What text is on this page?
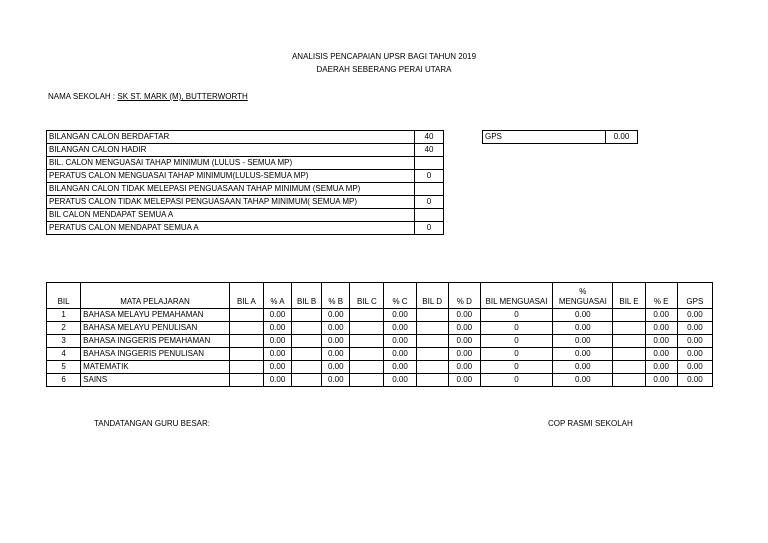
ANALISIS PENCAPAIAN UPSR BAGI TAHUN 2019
DAERAH SEBERANG PERAI UTARA
NAMA SEKOLAH : SK ST. MARK (M), BUTTERWORTH
BILANGAN CALON BERDAFTAR	40
BILANGAN CALON HADIR	40
BIL. CALON MENGUASAI TAHAP MINIMUM (LULUS - SEMUA MP)	
PERATUS CALON MENGUASAI TAHAP MINIMUM(LULUS-SEMUA MP)	0
BILANGAN CALON TIDAK MELEPASI PENGUASAAN TAHAP MINIMUM (SEMUA MP)	
PERATUS CALON TIDAK MELEPASI PENGUASAAN TAHAP MINIMUM( SEMUA MP)	0
BIL CALON MENDAPAT SEMUA A	
PERATUS CALON MENDAPAT SEMUA A	0
GPS	0.00
BIL	MATA PELAJARAN	BIL A	% A	BIL B	% B	BIL C	% C	BIL D	% D	BIL MENGUASAI	% MENGUASAI	BIL E	% E	GPS
1	BAHASA MELAYU PEMAHAMAN		0.00		0.00		0.00		0.00	0	0.00		0.00	0.00
2	BAHASA MELAYU PENULISAN		0.00		0.00		0.00		0.00	0	0.00		0.00	0.00
3	BAHASA INGGERIS PEMAHAMAN		0.00		0.00		0.00		0.00	0	0.00		0.00	0.00
4	BAHASA INGGERIS PENULISAN		0.00		0.00		0.00		0.00	0	0.00		0.00	0.00
5	MATEMATIK		0.00		0.00		0.00		0.00	0	0.00		0.00	0.00
6	SAINS		0.00		0.00		0.00		0.00	0	0.00		0.00	0.00
TANDATANGAN GURU BESAR:	COP RASMI SEKOLAH
